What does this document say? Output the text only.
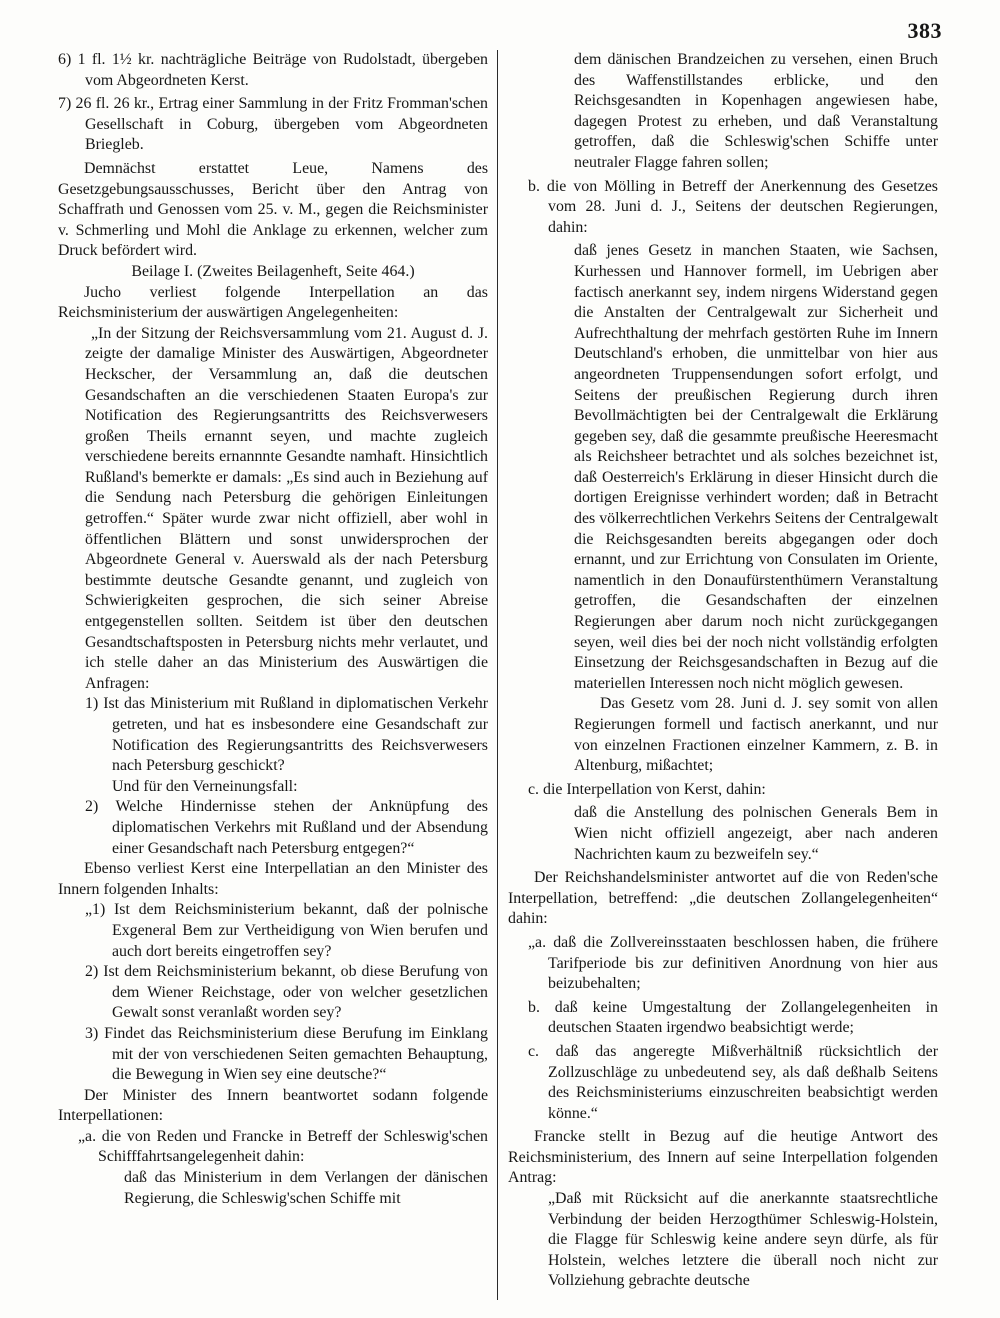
383

6) 1 fl. 1½ kr. nachträgliche Beiträge von Rudolstadt, übergeben vom Abgeordneten Kerst.

7) 26 fl. 26 kr., Ertrag einer Sammlung in der Fritz Fromman'schen Gesellschaft in Coburg, übergeben vom Abgeordneten Briegleb.

Demnächst erstattet Leue, Namens des Gesetzgebungsausschusses, Bericht über den Antrag von Schaffrath und Genossen vom 25. v. M., gegen die Reichsminister v. Schmerling und Mohl die Anklage zu erkennen, welcher zum Druck befördert wird.

Beilage I. (Zweites Beilagenheft, Seite 464.)

Jucho verliest folgende Interpellation an das Reichsministerium der auswärtigen Angelegenheiten:

„In der Sitzung der Reichsversammlung vom 21. August d. J. zeigte der damalige Minister des Auswärtigen, Abgeordneter Heckscher, der Versammlung an, daß die deutschen Gesandschaften an die verschiedenen Staaten Europa's zur Notification des Regierungsantritts des Reichsverwesers großen Theils ernannt seyen, und machte zugleich verschiedene bereits ernannnte Gesandte namhaft. Hinsichtlich Rußland's bemerkte er damals: „Es sind auch in Beziehung auf die Sendung nach Petersburg die gehörigen Einleitungen getroffen.“ Später wurde zwar nicht offiziell, aber wohl in öffentlichen Blättern und sonst unwidersprochen der Abgeordnete General v. Auerswald als der nach Petersburg bestimmte deutsche Gesandte genannt, und zugleich von Schwierigkeiten gesprochen, die sich seiner Abreise entgegenstellen sollten. Seitdem ist über den deutschen Gesandtschaftsposten in Petersburg nichts mehr verlautet, und ich stelle daher an das Ministerium des Auswärtigen die Anfragen:

1) Ist das Ministerium mit Rußland in diplomatischen Verkehr getreten, und hat es insbesondere eine Gesandschaft zur Notification des Regierungsantritts des Reichsverwesers nach Petersburg geschickt?

Und für den Verneinungsfall:

2) Welche Hindernisse stehen der Anknüpfung des diplomatischen Verkehrs mit Rußland und der Absendung einer Gesandschaft nach Petersburg entgegen?“

Ebenso verliest Kerst eine Interpellatian an den Minister des Innern folgenden Inhalts:

„1) Ist dem Reichsministerium bekannt, daß der polnische Exgeneral Bem zur Vertheidigung von Wien berufen und auch dort bereits eingetroffen sey?

2) Ist dem Reichsministerium bekannt, ob diese Berufung von dem Wiener Reichstage, oder von welcher gesetzlichen Gewalt sonst veranlaßt worden sey?

3) Findet das Reichsministerium diese Berufung im Einklang mit der von verschiedenen Seiten gemachten Behauptung, die Bewegung in Wien sey eine deutsche?“

Der Minister des Innern beantwortet sodann folgende Interpellationen:

„a. die von Reden und Francke in Betreff der Schleswig'schen Schifffahrtsangelegenheit dahin:

daß das Ministerium in dem Verlangen der dänischen Regierung, die Schleswig'schen Schiffe mit

dem dänischen Brandzeichen zu versehen, einen Bruch des Waffenstillstandes erblicke, und den Reichsgesandten in Kopenhagen angewiesen habe, dagegen Protest zu erheben, und daß Veranstaltung getroffen, daß die Schleswig'schen Schiffe unter neutraler Flagge fahren sollen;

b. die von Mölling in Betreff der Anerkennung des Gesetzes vom 28. Juni d. J., Seitens der deutschen Regierungen, dahin:

daß jenes Gesetz in manchen Staaten, wie Sachsen, Kurhessen und Hannover formell, im Uebrigen aber factisch anerkannt sey, indem nirgens Widerstand gegen die Anstalten der Centralgewalt zur Sicherheit und Aufrechthaltung der mehrfach gestörten Ruhe im Innern Deutschland's erhoben, die unmittelbar von hier aus angeordneten Truppensendungen sofort erfolgt, und Seitens der preußischen Regierung durch ihren Bevollmächtigten bei der Centralgewalt die Erklärung gegeben sey, daß die gesammte preußische Heeresmacht als Reichsheer betrachtet und als solches bezeichnet ist, daß Oesterreich's Erklärung in dieser Hinsicht durch die dortigen Ereignisse verhindert worden; daß in Betracht des völkerrechtlichen Verkehrs Seitens der Centralgewalt die Reichsgesandten bereits abgegangen oder doch ernannt, und zur Errichtung von Consulaten im Oriente, namentlich in den Donaufürstenthümern Veranstaltung getroffen, die Gesandschaften der einzelnen Regierungen aber darum noch nicht zurückgegangen seyen, weil dies bei der noch nicht vollständig erfolgten Einsetzung der Reichsgesandschaften in Bezug auf die materiellen Interessen noch nicht möglich gewesen.

Das Gesetz vom 28. Juni d. J. sey somit von allen Regierungen formell und factisch anerkannt, und nur von einzelnen Fractionen einzelner Kammern, z. B. in Altenburg, mißachtet;

c. die Interpellation von Kerst, dahin:

daß die Anstellung des polnischen Generals Bem in Wien nicht offiziell angezeigt, aber nach anderen Nachrichten kaum zu bezweifeln sey.“

Der Reichshandelsminister antwortet auf die von Reden'sche Interpellation, betreffend: „die deutschen Zollangelegenheiten“ dahin:

„a. daß die Zollvereinsstaaten beschlossen haben, die frühere Tarifperiode bis zur definitiven Anordnung von hier aus beizubehalten;

b. daß keine Umgestaltung der Zollangelegenheiten in deutschen Staaten irgendwo beabsichtigt werde;

c. daß das angeregte Mißverhältniß rücksichtlich der Zollzuschläge zu unbedeutend sey, als daß deßhalb Seitens des Reichsministeriums einzuschreiten beabsichtigt werden könne.“

Francke stellt in Bezug auf die heutige Antwort des Reichsministerium, des Innern auf seine Interpellation folgenden Antrag:

„Daß mit Rücksicht auf die anerkannte staatsrechtliche Verbindung der beiden Herzogthümer Schleswig-Holstein, die Flagge für Schleswig keine andere seyn dürfe, als für Holstein, welches letztere die überall noch nicht zur Vollziehung gebrachte deutsche
